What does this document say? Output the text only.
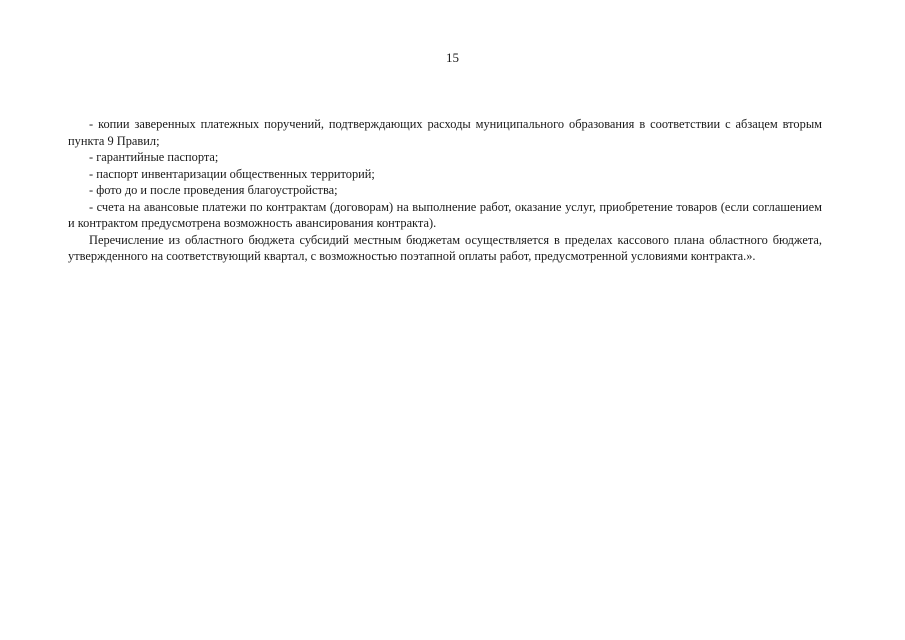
15

- копии заверенных платежных поручений, подтверждающих расходы муниципального образования в соответствии с абзацем вторым пункта 9 Правил;

- гарантийные паспорта;

- паспорт инвентаризации общественных территорий;

- фото до и после проведения благоустройства;

- счета на авансовые платежи по контрактам (договорам) на выполнение работ, оказание услуг, приобретение товаров (если соглашением и контрактом предусмотрена возможность авансирования контракта).

Перечисление из областного бюджета субсидий местным бюджетам осуществляется в пределах кассового плана областного бюджета, утвержденного на соответствующий квартал, с возможностью поэтапной оплаты работ, предусмотренной условиями контракта.».
